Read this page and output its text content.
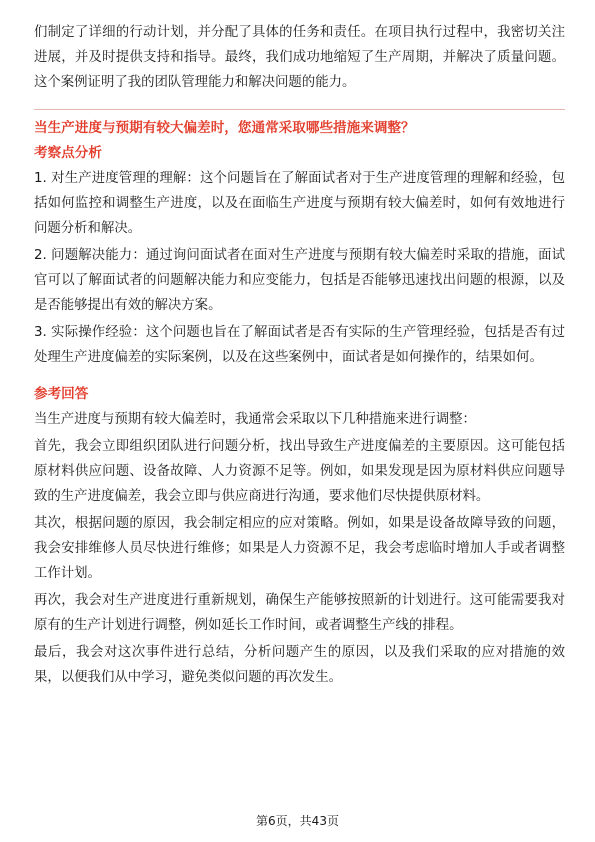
们制定了详细的行动计划，并分配了具体的任务和责任。在项目执行过程中，我密切关注进展，并及时提供支持和指导。最终，我们成功地缩短了生产周期，并解决了质量问题。这个案例证明了我的团队管理能力和解决问题的能力。

当生产进度与预期有较大偏差时，您通常采取哪些措施来调整？
考察点分析

1. 对生产进度管理的理解：这个问题旨在了解面试者对于生产进度管理的理解和经验，包括如何监控和调整生产进度，以及在面临生产进度与预期有较大偏差时，如何有效地进行问题分析和解决。

2. 问题解决能力：通过询问面试者在面对生产进度与预期有较大偏差时采取的措施，面试官可以了解面试者的问题解决能力和应变能力，包括是否能够迅速找出问题的根源，以及是否能够提出有效的解决方案。

3. 实际操作经验：这个问题也旨在了解面试者是否有实际的生产管理经验，包括是否有过处理生产进度偏差的实际案例，以及在这些案例中，面试者是如何操作的，结果如何。

参考回答

当生产进度与预期有较大偏差时，我通常会采取以下几种措施来进行调整：

首先，我会立即组织团队进行问题分析，找出导致生产进度偏差的主要原因。这可能包括原材料供应问题、设备故障、人力资源不足等。例如，如果发现是因为原材料供应问题导致的生产进度偏差，我会立即与供应商进行沟通，要求他们尽快提供原材料。

其次，根据问题的原因，我会制定相应的应对策略。例如，如果是设备故障导致的问题，我会安排维修人员尽快进行维修；如果是人力资源不足，我会考虑临时增加人手或者调整工作计划。

再次，我会对生产进度进行重新规划，确保生产能够按照新的计划进行。这可能需要我对原有的生产计划进行调整，例如延长工作时间，或者调整生产线的排程。

最后，我会对这次事件进行总结，分析问题产生的原因，以及我们采取的应对措施的效果，以便我们从中学习，避免类似问题的再次发生。

第6页，共43页
